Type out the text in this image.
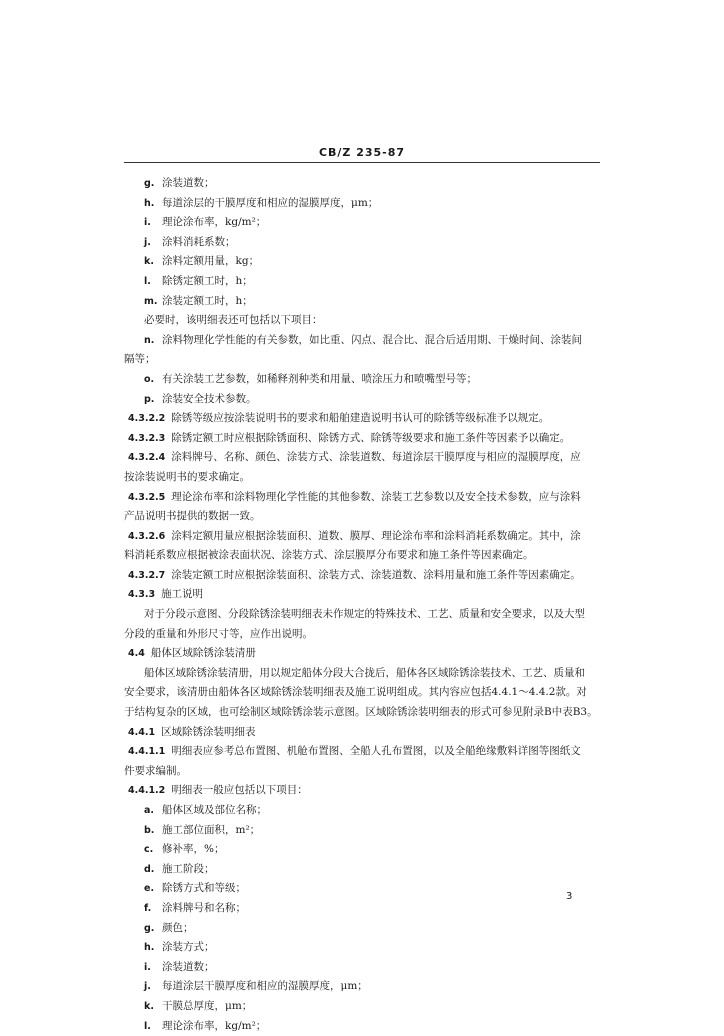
CB/Z 235-87
g. 涂装道数；
h. 每道涂层的干膜厚度和相应的湿膜厚度，μm；
i. 理论涂布率，kg/m²；
j. 涂料消耗系数；
k. 涂料定额用量，kg；
l. 除锈定额工时，h；
m. 涂装定额工时，h；
必要时，该明细表还可包括以下项目：
n. 涂料物理化学性能的有关参数，如比重、闪点、混合比、混合后适用期、干燥时间、涂装间
隔等；
o. 有关涂装工艺参数，如稀释剂种类和用量、喷涂压力和喷嘴型号等；
p. 涂装安全技术参数。
4.3.2.2 除锈等级应按涂装说明书的要求和船舶建造说明书认可的除锈等级标准予以规定。
4.3.2.3 除锈定额工时应根据除锈面积、除锈方式、除锈等级要求和施工条件等因素予以确定。
4.3.2.4 涂料牌号、名称、颜色、涂装方式、涂装道数、每道涂层干膜厚度与相应的湿膜厚度，应
按涂装说明书的要求确定。
4.3.2.5 理论涂布率和涂料物理化学性能的其他参数、涂装工艺参数以及安全技术参数，应与涂料
产品说明书提供的数据一致。
4.3.2.6 涂料定额用量应根据涂装面积、道数、膜厚、理论涂布率和涂料消耗系数确定。其中，涂
料消耗系数应根据被涂表面状况、涂装方式、涂层膜厚分布要求和施工条件等因素确定。
4.3.2.7 涂装定额工时应根据涂装面积、涂装方式、涂装道数、涂料用量和施工条件等因素确定。
4.3.3 施工说明
对于分段示意图、分段除锈涂装明细表未作规定的特殊技术、工艺、质量和安全要求，以及大型
分段的重量和外形尺寸等，应作出说明。
4.4 船体区域除锈涂装清册
船体区域除锈涂装清册，用以规定船体分段大合拢后，船体各区域除锈涂装技术、工艺、质量和
安全要求，该清册由船体各区域除锈涂装明细表及施工说明组成。其内容应包括4.4.1～4.4.2款。对
于结构复杂的区域，也可绘制区域除锈涂装示意图。区域除锈涂装明细表的形式可参见附录B中表B3。
4.4.1 区域除锈涂装明细表
4.4.1.1 明细表应参考总布置图、机舱布置图、全船人孔布置图，以及全船绝缘敷料详图等图纸文
件要求编制。
4.4.1.2 明细表一般应包括以下项目：
a. 船体区域及部位名称；
b. 施工部位面积，m²；
c. 修补率，%；
d. 施工阶段；
e. 除锈方式和等级；
f. 涂料牌号和名称；
g. 颜色；
h. 涂装方式；
i. 涂装道数；
j. 每道涂层干膜厚度和相应的湿膜厚度，μm；
k. 干膜总厚度，μm；
l. 理论涂布率，kg/m²；
3
